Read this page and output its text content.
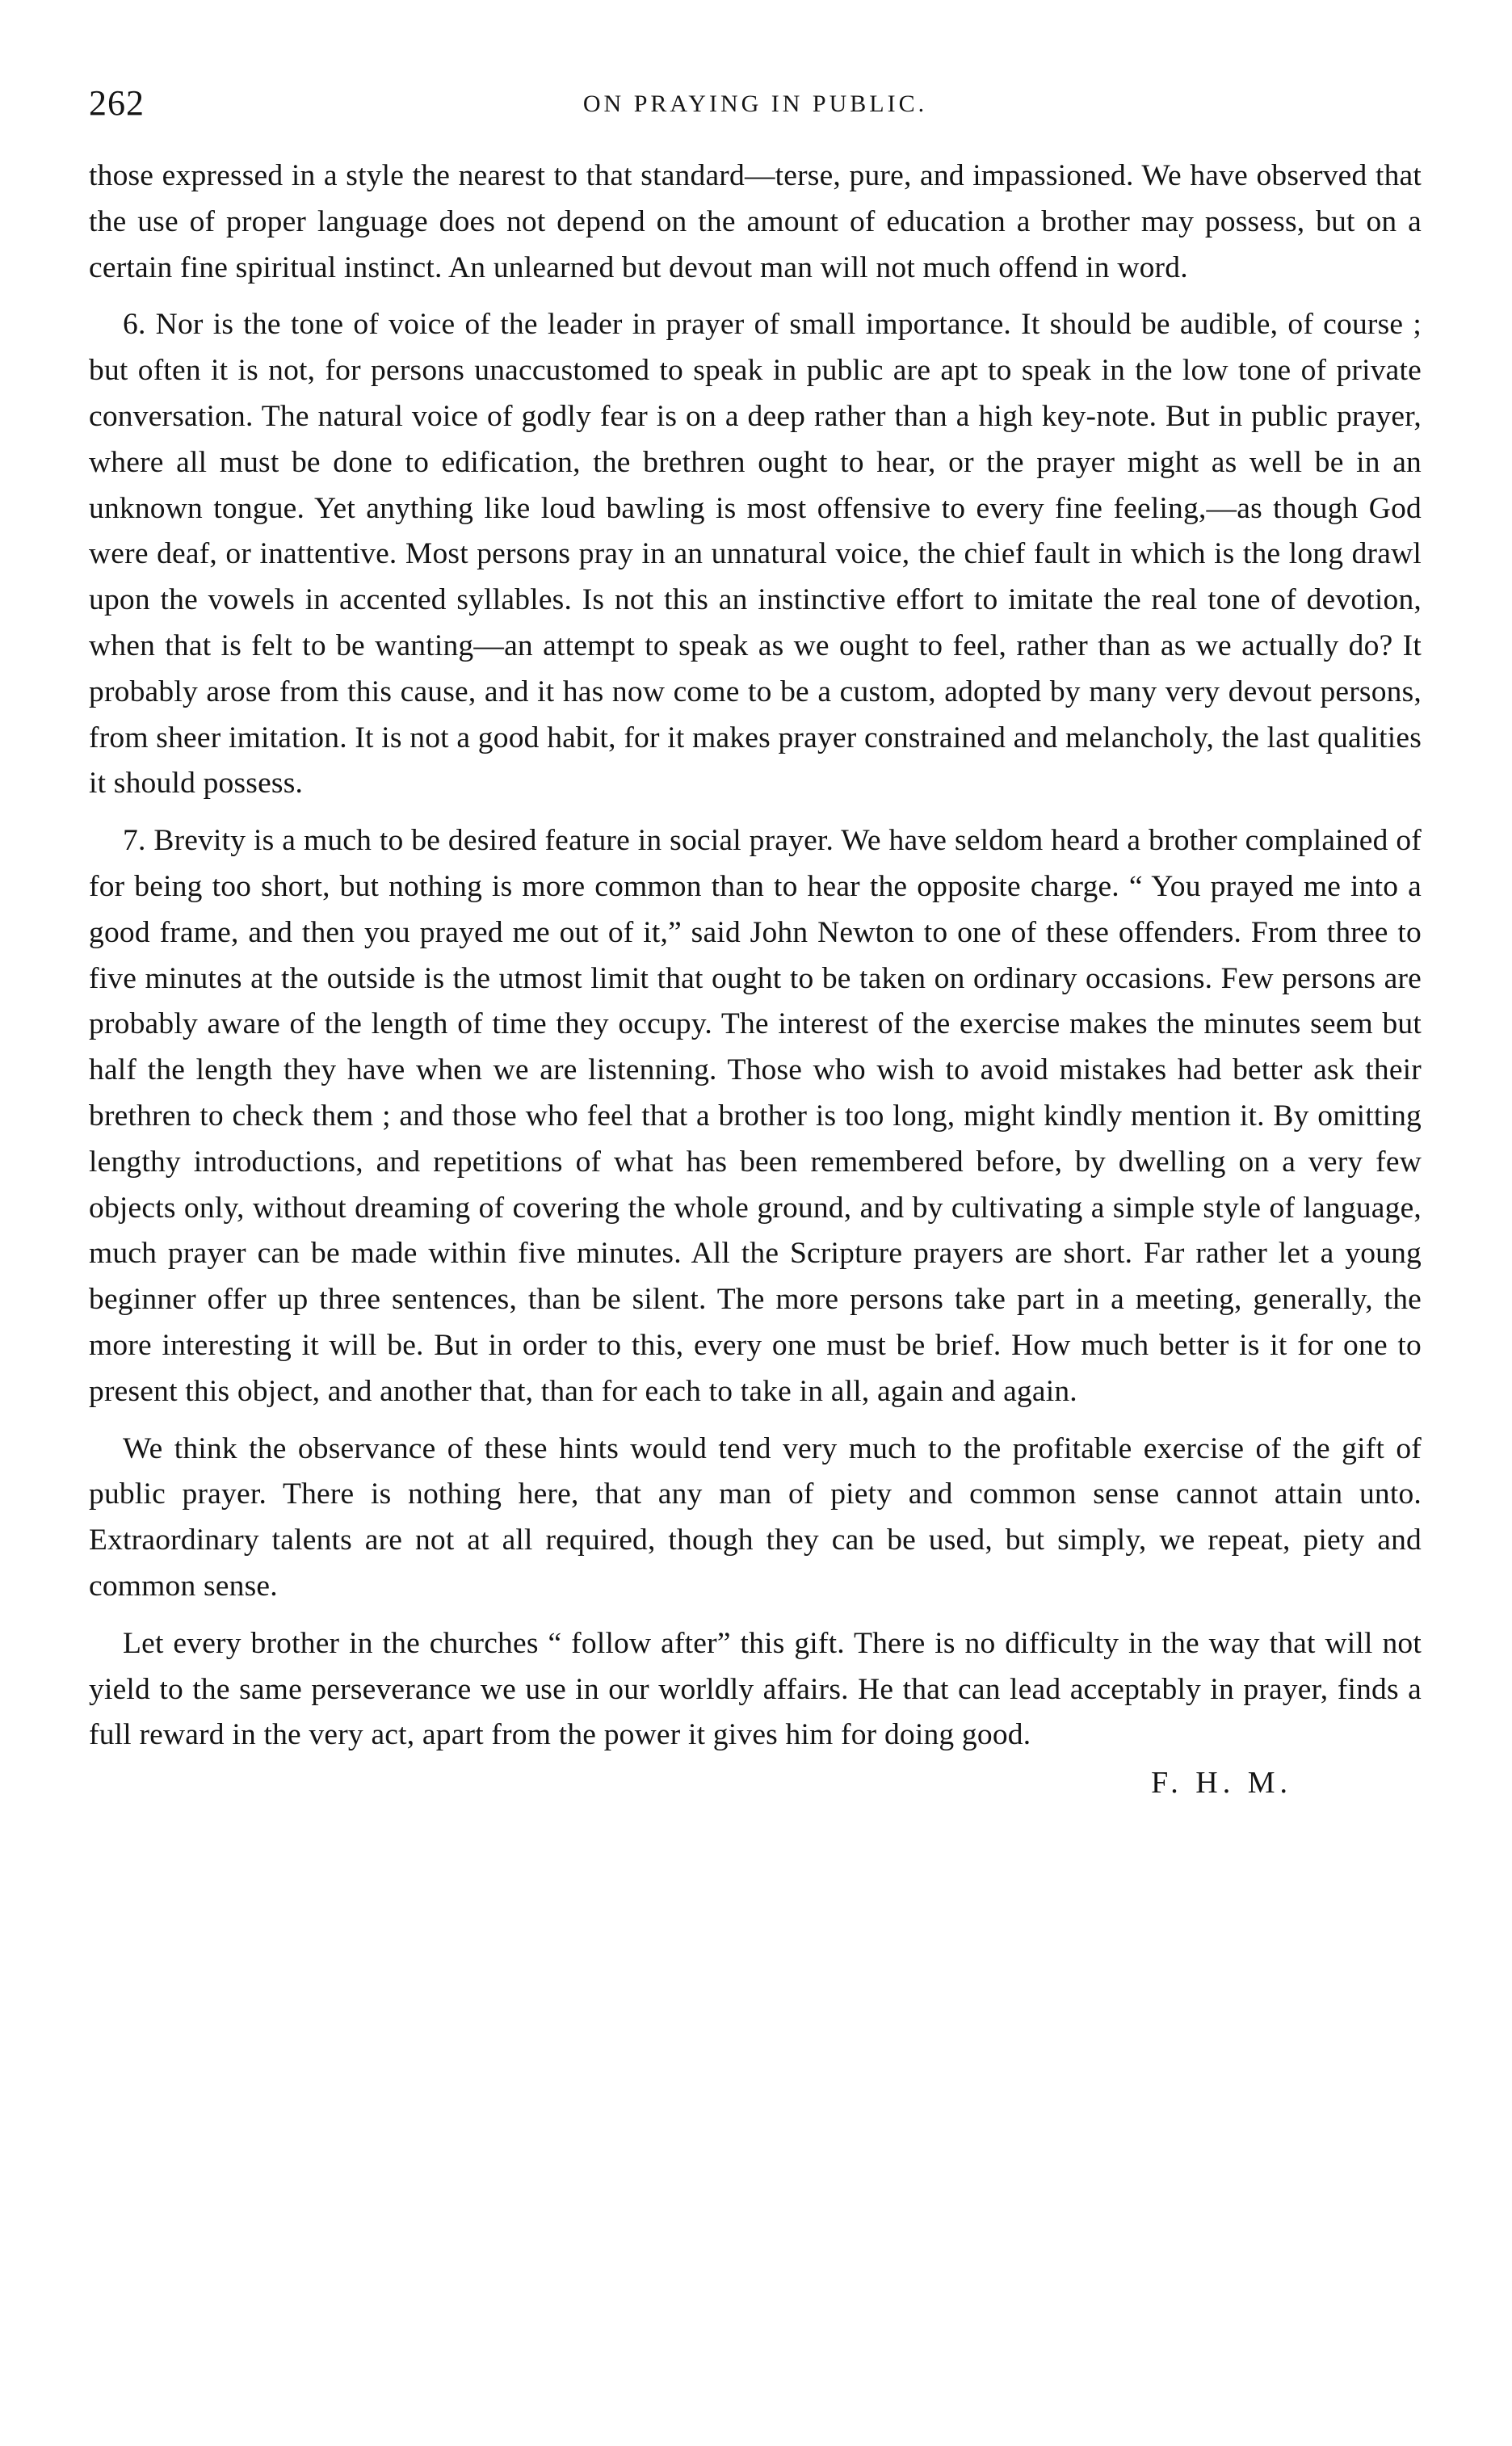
262	ON PRAYING IN PUBLIC.

those expressed in a style the nearest to that standard—terse, pure, and impassioned. We have observed that the use of proper language does not depend on the amount of education a brother may possess, but on a certain fine spiritual instinct. An unlearned but devout man will not much offend in word.

6. Nor is the tone of voice of the leader in prayer of small importance. It should be audible, of course ; but often it is not, for persons unaccustomed to speak in public are apt to speak in the low tone of private conversation. The natural voice of godly fear is on a deep rather than a high key-note. But in public prayer, where all must be done to edification, the brethren ought to hear, or the prayer might as well be in an unknown tongue. Yet anything like loud bawling is most offensive to every fine feeling,—as though God were deaf, or inattentive. Most persons pray in an unnatural voice, the chief fault in which is the long drawl upon the vowels in accented syllables. Is not this an instinctive effort to imitate the real tone of devotion, when that is felt to be wanting—an attempt to speak as we ought to feel, rather than as we actually do? It probably arose from this cause, and it has now come to be a custom, adopted by many very devout persons, from sheer imitation. It is not a good habit, for it makes prayer constrained and melancholy, the last qualities it should possess.

7. Brevity is a much to be desired feature in social prayer. We have seldom heard a brother complained of for being too short, but nothing is more common than to hear the opposite charge. “ You prayed me into a good frame, and then you prayed me out of it,” said John Newton to one of these offenders. From three to five minutes at the outside is the utmost limit that ought to be taken on ordinary occasions. Few persons are probably aware of the length of time they occupy. The interest of the exercise makes the minutes seem but half the length they have when we are listenning. Those who wish to avoid mistakes had better ask their brethren to check them ; and those who feel that a brother is too long, might kindly mention it. By omitting lengthy introductions, and repetitions of what has been remembered before, by dwelling on a very few objects only, without dreaming of covering the whole ground, and by cultivating a simple style of language, much prayer can be made within five minutes. All the Scripture prayers are short. Far rather let a young beginner offer up three sentences, than be silent. The more persons take part in a meeting, generally, the more interesting it will be. But in order to this, every one must be brief. How much better is it for one to present this object, and another that, than for each to take in all, again and again.

We think the observance of these hints would tend very much to the profitable exercise of the gift of public prayer. There is nothing here, that any man of piety and common sense cannot attain unto. Extraordinary talents are not at all required, though they can be used, but simply, we repeat, piety and common sense.

Let every brother in the churches “ follow after” this gift. There is no difficulty in the way that will not yield to the same perseverance we use in our worldly affairs. He that can lead acceptably in prayer, finds a full reward in the very act, apart from the power it gives him for doing good.

F. H. M.
